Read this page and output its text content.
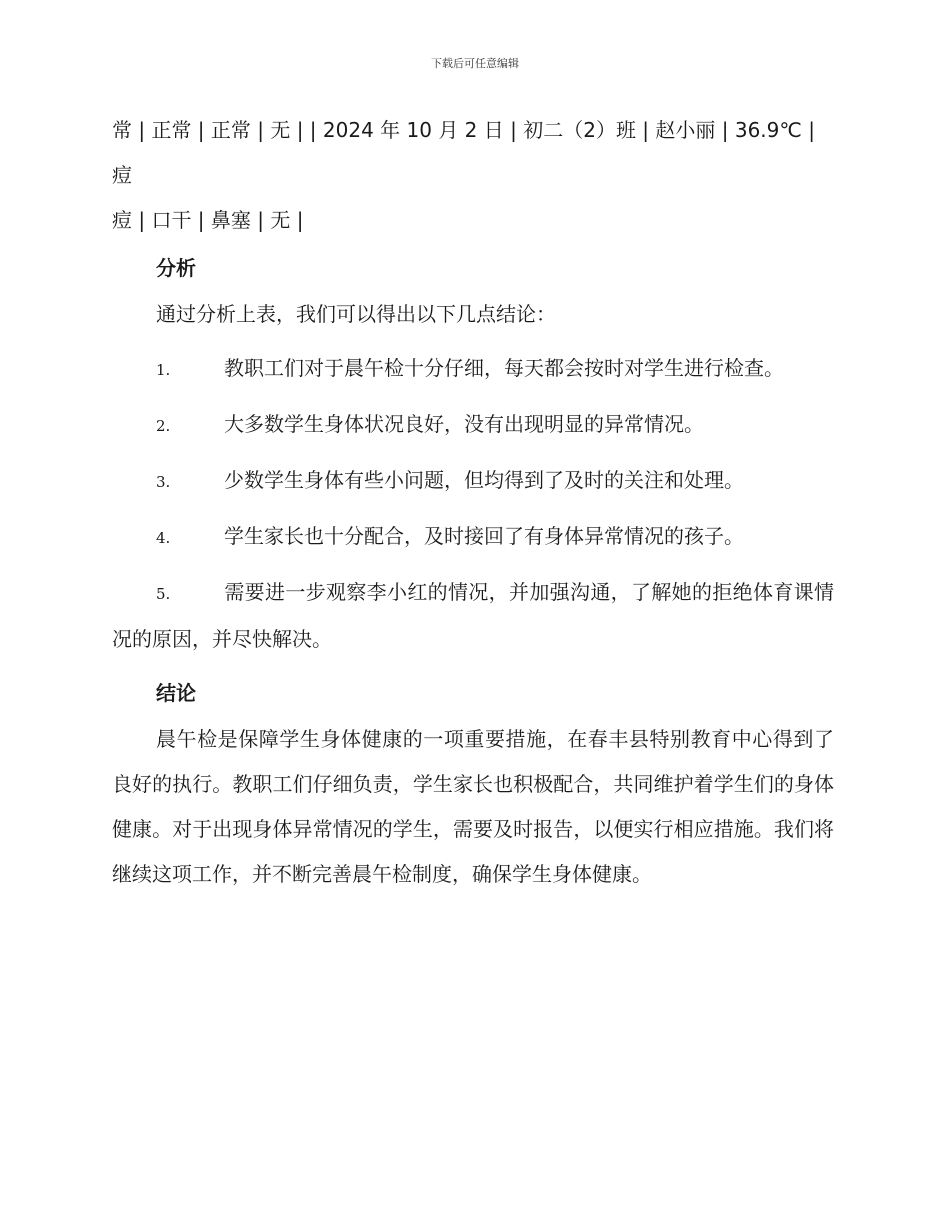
下载后可任意编辑

常 | 正常 | 正常 | 无 | | 2024 年 10 月 2 日 | 初二（2）班 | 赵小丽 | 36.9℃ | 痘

痘 | 口干 | 鼻塞 | 无 |

分析

通过分析上表，我们可以得出以下几点结论：

1.	教职工们对于晨午检十分仔细，每天都会按时对学生进行检查。

2.	大多数学生身体状况良好，没有出现明显的异常情况。

3.	少数学生身体有些小问题，但均得到了及时的关注和处理。

4.	学生家长也十分配合，及时接回了有身体异常情况的孩子。

5.	需要进一步观察李小红的情况，并加强沟通，了解她的拒绝体育课情况的原因，并尽快解决。

结论

晨午检是保障学生身体健康的一项重要措施，在春丰县特别教育中心得到了良好的执行。教职工们仔细负责，学生家长也积极配合，共同维护着学生们的身体健康。对于出现身体异常情况的学生，需要及时报告，以便实行相应措施。我们将继续这项工作，并不断完善晨午检制度，确保学生身体健康。
